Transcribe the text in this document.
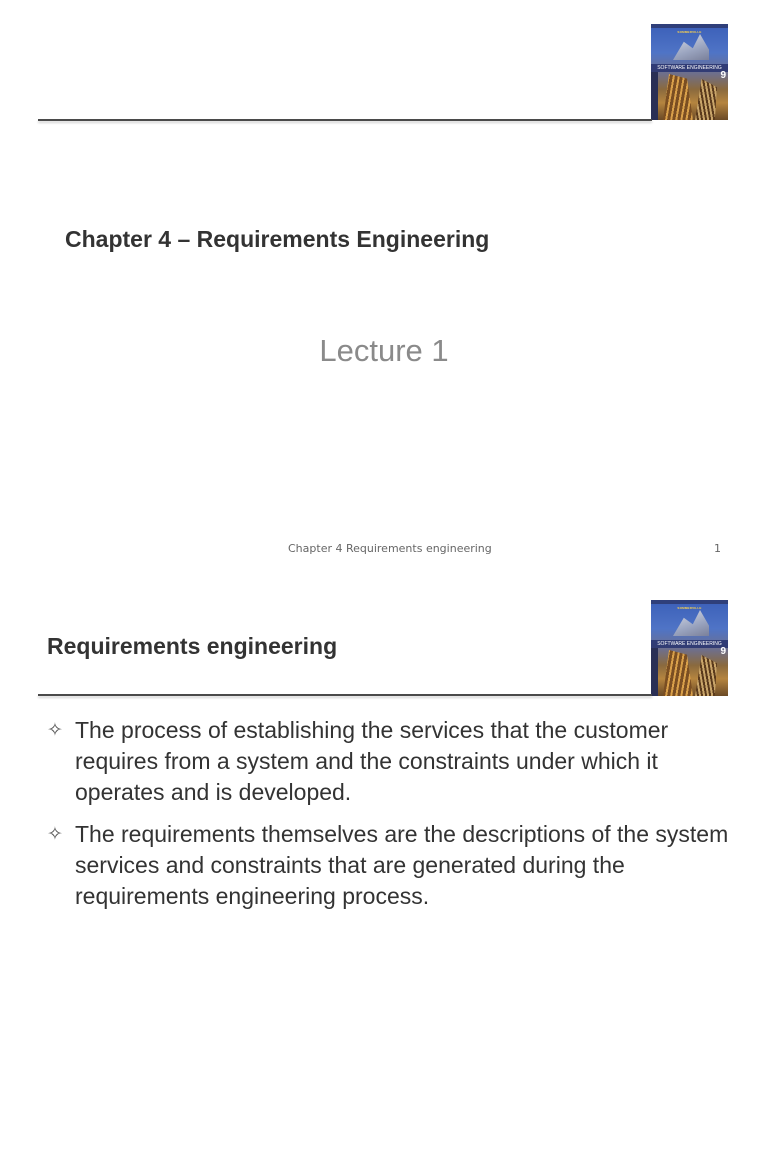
SOMMERVILLE
SOFTWARE ENGINEERING
9
Chapter 4 – Requirements Engineering
Lecture 1
Chapter 4 Requirements engineering	1
SOMMERVILLE
SOFTWARE ENGINEERING
9
Requirements engineering
✧ The process of establishing the services that the customer requires from a system and the constraints under which it operates and is developed.
✧ The requirements themselves are the descriptions of the system services and constraints that are generated during the requirements engineering process.
